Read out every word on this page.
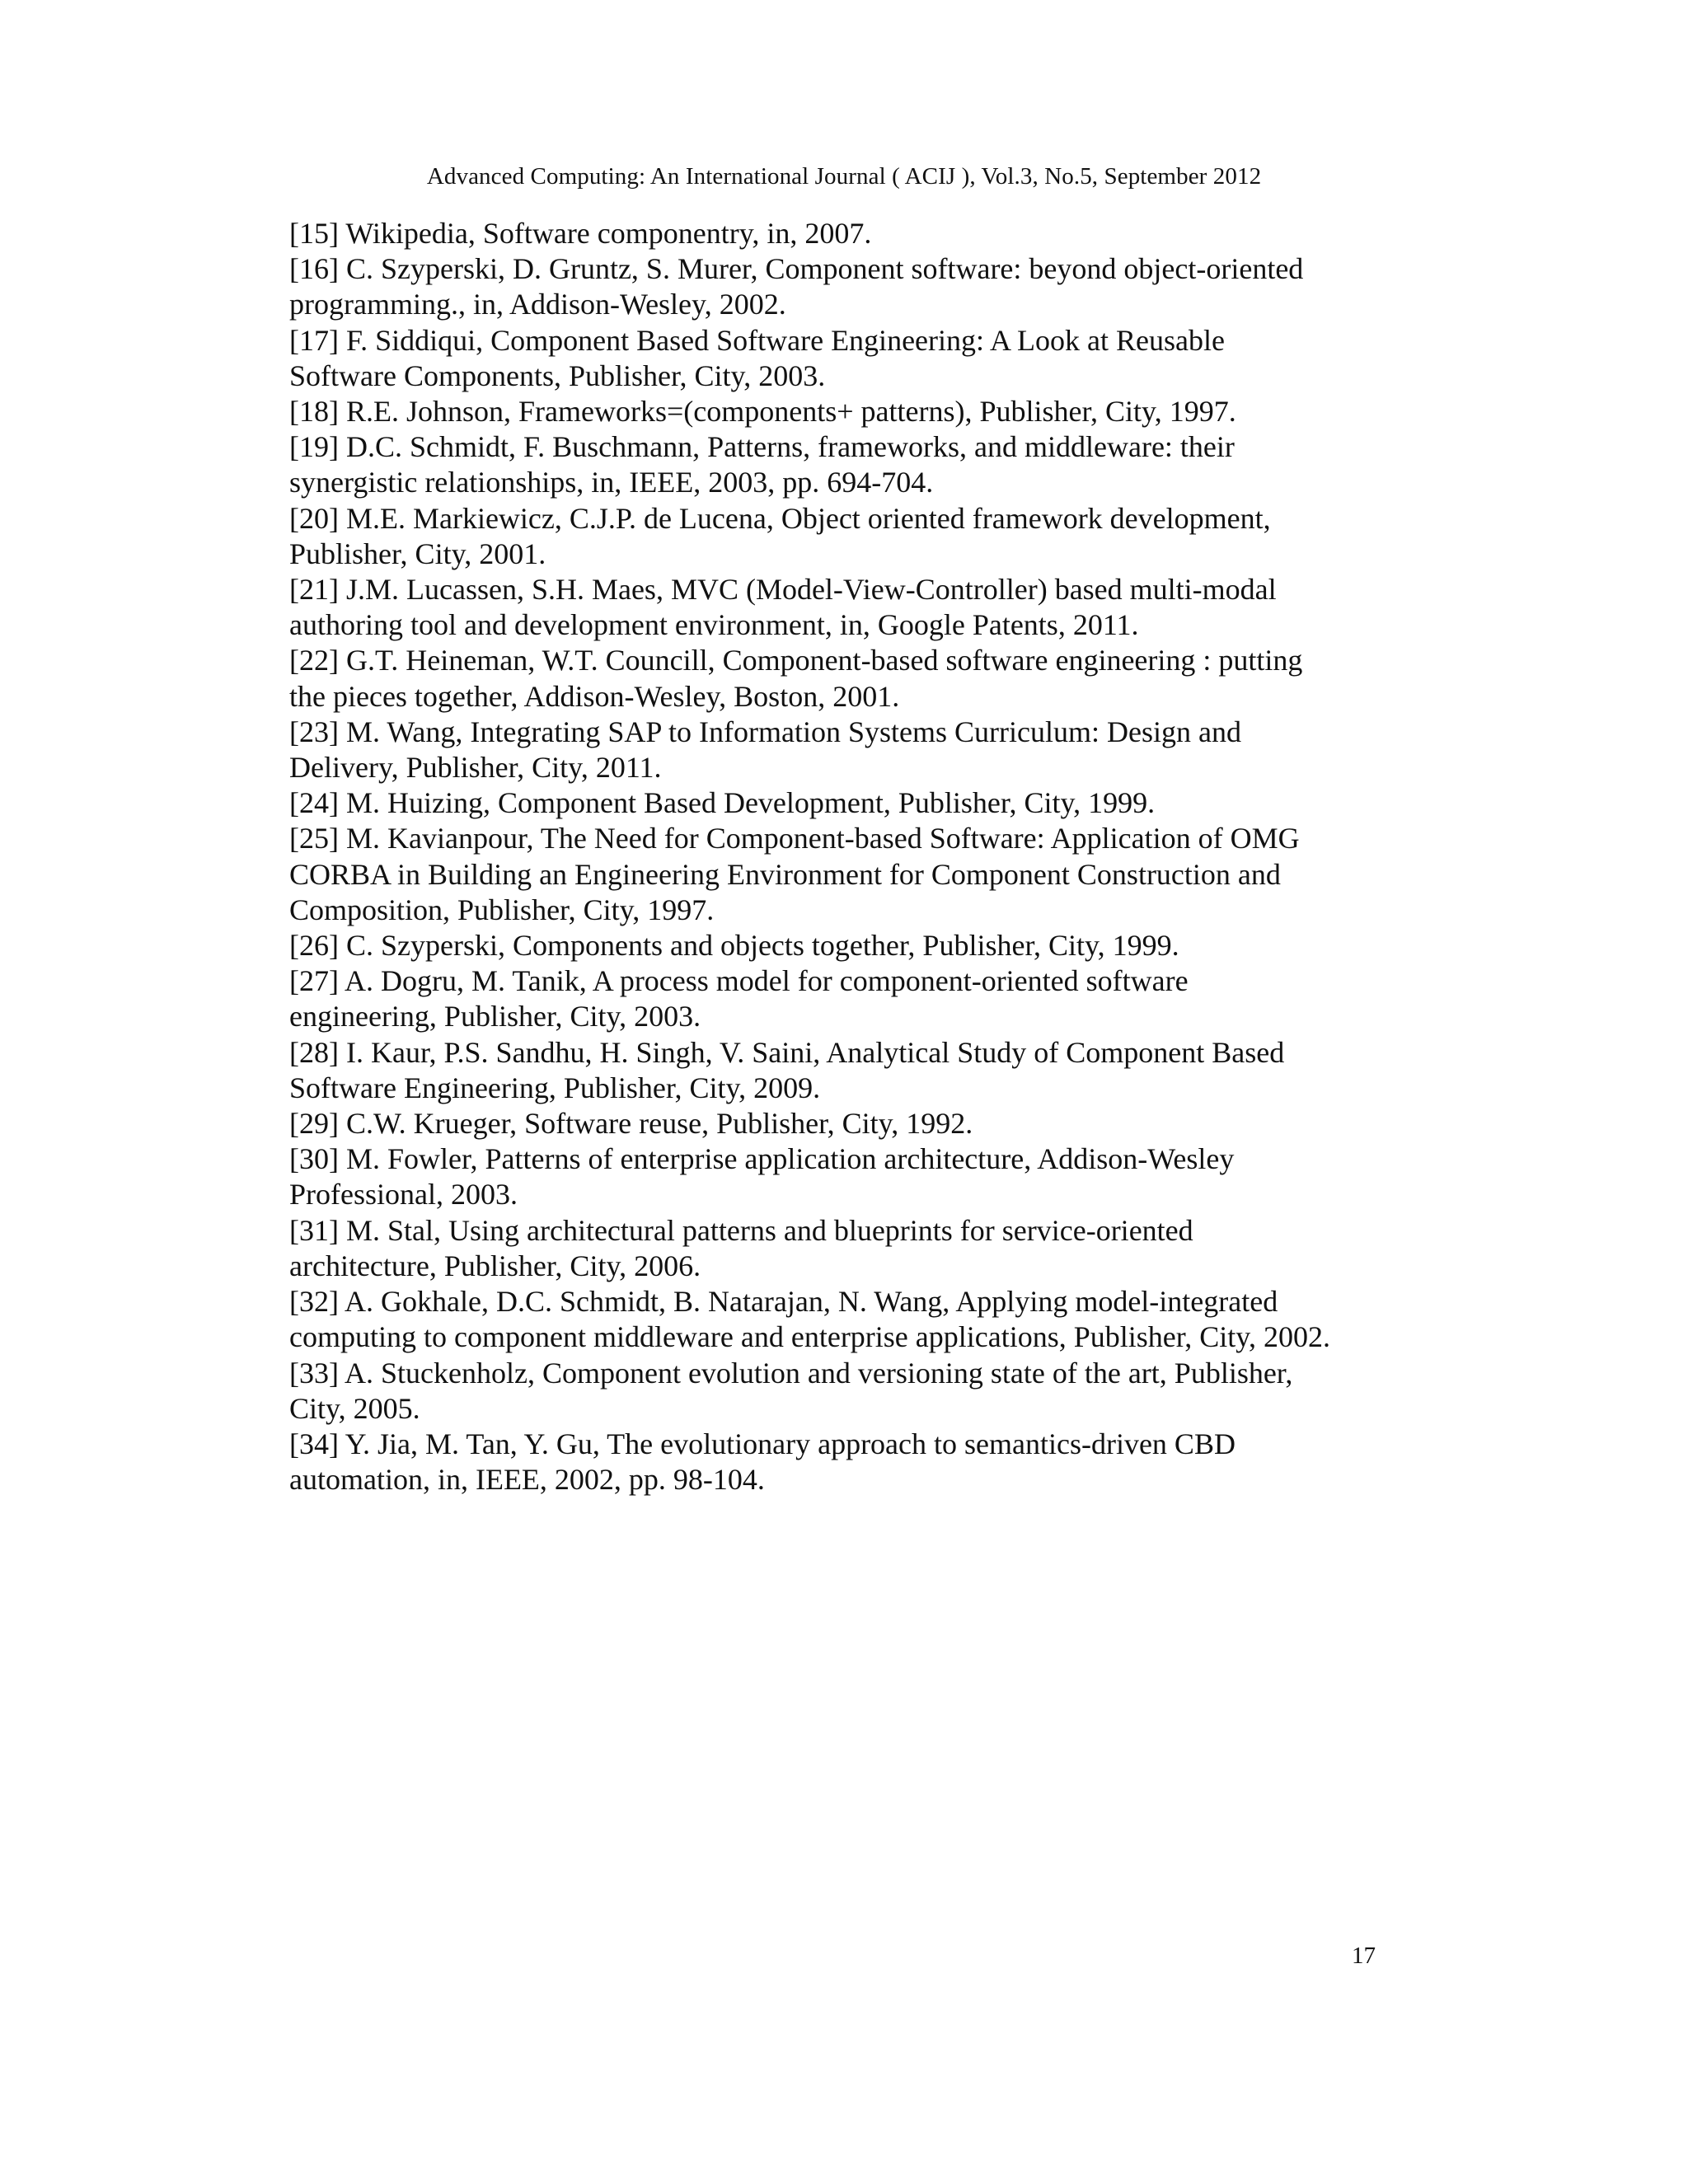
Advanced Computing: An International Journal ( ACIJ ), Vol.3, No.5, September 2012
[15] Wikipedia, Software componentry, in, 2007.
[16] C. Szyperski, D. Gruntz, S. Murer, Component software: beyond object-oriented
programming., in, Addison-Wesley, 2002.
[17] F. Siddiqui, Component Based Software Engineering: A Look at Reusable
Software Components, Publisher, City, 2003.
[18] R.E. Johnson, Frameworks=(components+ patterns), Publisher, City, 1997.
[19] D.C. Schmidt, F. Buschmann, Patterns, frameworks, and middleware: their
synergistic relationships, in, IEEE, 2003, pp. 694-704.
[20] M.E. Markiewicz, C.J.P. de Lucena, Object oriented framework development,
Publisher, City, 2001.
[21] J.M. Lucassen, S.H. Maes, MVC (Model-View-Controller) based multi-modal
authoring tool and development environment, in, Google Patents, 2011.
[22] G.T. Heineman, W.T. Councill, Component-based software engineering : putting
the pieces together, Addison-Wesley, Boston, 2001.
[23] M. Wang, Integrating SAP to Information Systems Curriculum: Design and
Delivery, Publisher, City, 2011.
[24] M. Huizing, Component Based Development, Publisher, City, 1999.
[25] M. Kavianpour, The Need for Component-based Software: Application of OMG
CORBA in Building an Engineering Environment for Component Construction and
Composition, Publisher, City, 1997.
[26] C. Szyperski, Components and objects together, Publisher, City, 1999.
[27] A. Dogru, M. Tanik, A process model for component-oriented software
engineering, Publisher, City, 2003.
[28] I. Kaur, P.S. Sandhu, H. Singh, V. Saini, Analytical Study of Component Based
Software Engineering, Publisher, City, 2009.
[29] C.W. Krueger, Software reuse, Publisher, City, 1992.
[30] M. Fowler, Patterns of enterprise application architecture, Addison-Wesley
Professional, 2003.
[31] M. Stal, Using architectural patterns and blueprints for service-oriented
architecture, Publisher, City, 2006.
[32] A. Gokhale, D.C. Schmidt, B. Natarajan, N. Wang, Applying model-integrated
computing to component middleware and enterprise applications, Publisher, City, 2002.
[33] A. Stuckenholz, Component evolution and versioning state of the art, Publisher,
City, 2005.
[34] Y. Jia, M. Tan, Y. Gu, The evolutionary approach to semantics-driven CBD
automation, in, IEEE, 2002, pp. 98-104.
17
